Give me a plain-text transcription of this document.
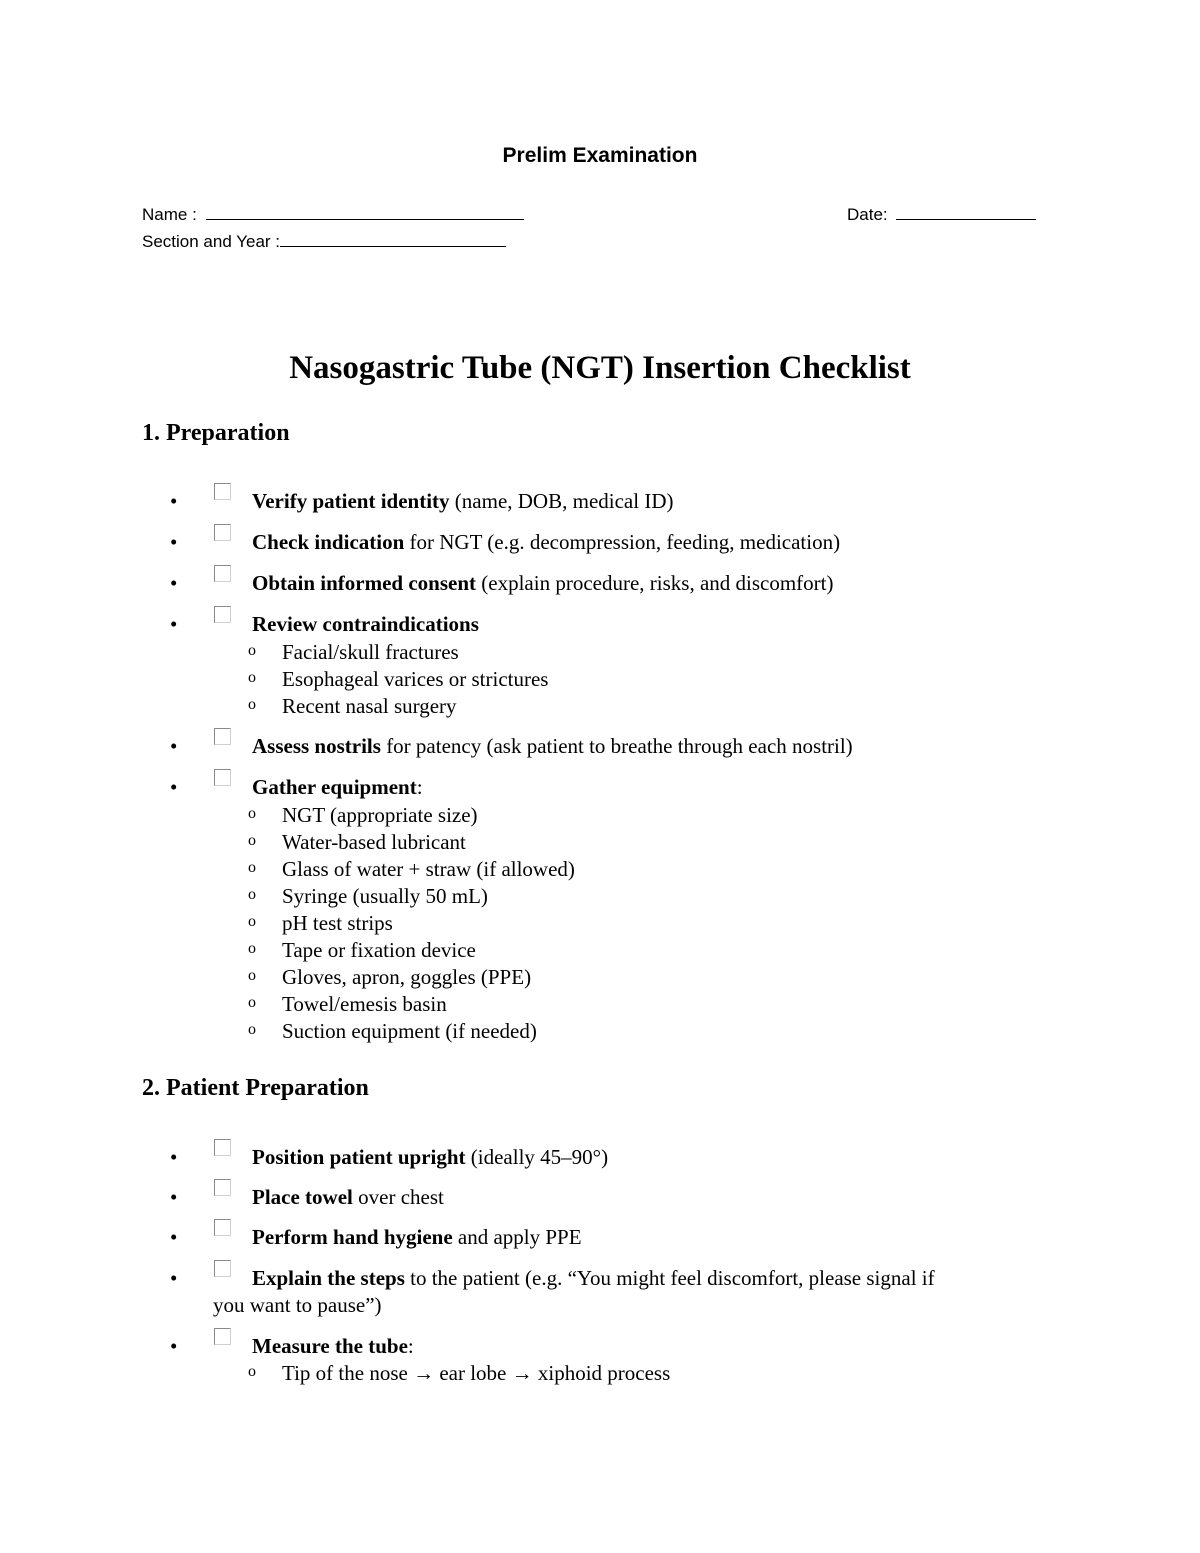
Prelim Examination
Name :	Date:
Section and Year :
Nasogastric Tube (NGT) Insertion Checklist
1. Preparation
•	Verify patient identity (name, DOB, medical ID)
•	Check indication for NGT (e.g. decompression, feeding, medication)
•	Obtain informed consent (explain procedure, risks, and discomfort)
•	Review contraindications
o Facial/skull fractures
o Esophageal varices or strictures
o Recent nasal surgery
•	Assess nostrils for patency (ask patient to breathe through each nostril)
•	Gather equipment:
o NGT (appropriate size)
o Water-based lubricant
o Glass of water + straw (if allowed)
o Syringe (usually 50 mL)
o pH test strips
o Tape or fixation device
o Gloves, apron, goggles (PPE)
o Towel/emesis basin
o Suction equipment (if needed)
2. Patient Preparation
•	Position patient upright (ideally 45–90°)
•	Place towel over chest
•	Perform hand hygiene and apply PPE
•	Explain the steps to the patient (e.g. “You might feel discomfort, please signal if
you want to pause”)
•	Measure the tube:
o Tip of the nose → ear lobe → xiphoid process
